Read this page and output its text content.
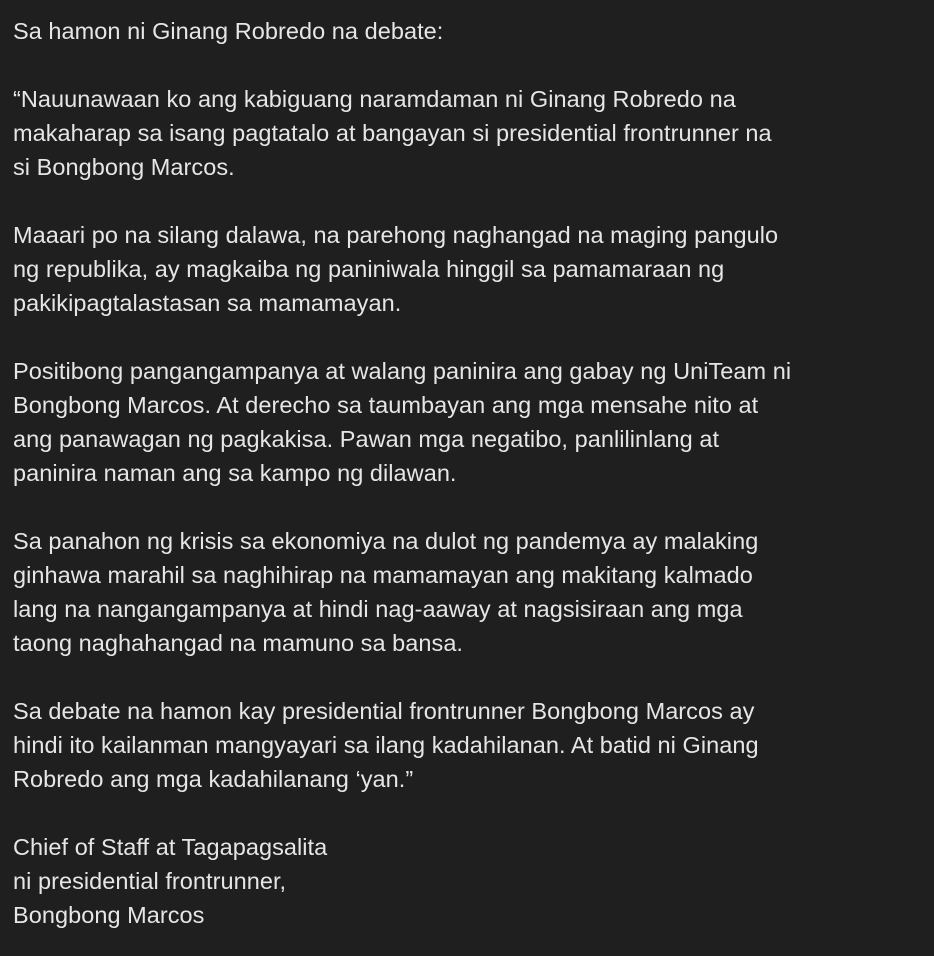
Sa hamon ni Ginang Robredo na debate:

“Nauunawaan ko ang kabiguang naramdaman ni Ginang Robredo na
makaharap sa isang pagtatalo at bangayan si presidential frontrunner na
si Bongbong Marcos.

Maaari po na silang dalawa, na parehong naghangad na maging pangulo
ng republika, ay magkaiba ng paniniwala hinggil sa pamamaraan ng
pakikipagtalastasan sa mamamayan.

Positibong pangangampanya at walang paninira ang gabay ng UniTeam ni
Bongbong Marcos. At derecho sa taumbayan ang mga mensahe nito at
ang panawagan ng pagkakisa. Pawan mga negatibo, panlilinlang at
paninira naman ang sa kampo ng dilawan.

Sa panahon ng krisis sa ekonomiya na dulot ng pandemya ay malaking
ginhawa marahil sa naghihirap na mamamayan ang makitang kalmado
lang na nangangampanya at hindi nag-aaway at nagsisiraan ang mga
taong naghahangad na mamuno sa bansa.

Sa debate na hamon kay presidential frontrunner Bongbong Marcos ay
hindi ito kailanman mangyayari sa ilang kadahilanan. At batid ni Ginang
Robredo ang mga kadahilanang ‘yan.”

Chief of Staff at Tagapagsalita
ni presidential frontrunner,
Bongbong Marcos
